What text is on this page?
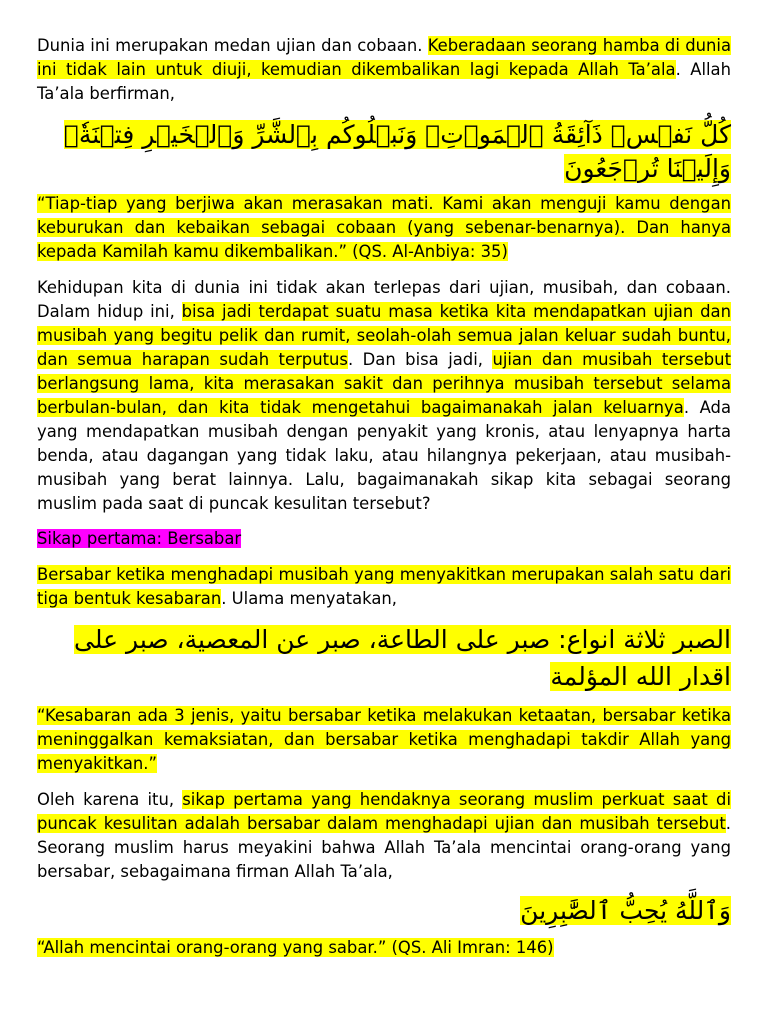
Dunia ini merupakan medan ujian dan cobaan. Keberadaan seorang hamba di dunia ini tidak lain untuk diuji, kemudian dikembalikan lagi kepada Allah Ta’ala. Allah Ta’ala berfirman,

كُلُّ نَفۡسٖ ذَآئِقَةُ ٱلۡمَوۡتِۗ وَنَبۡلُوكُم بِٱلشَّرِّ وَٱلۡخَيۡرِ فِتۡنَةٗۖ وَإِلَيۡنَا تُرۡجَعُونَ

“Tiap-tiap yang berjiwa akan merasakan mati. Kami akan menguji kamu dengan keburukan dan kebaikan sebagai cobaan (yang sebenar-benarnya). Dan hanya kepada Kamilah kamu dikembalikan.” (QS. Al-Anbiya: 35)

Kehidupan kita di dunia ini tidak akan terlepas dari ujian, musibah, dan cobaan. Dalam hidup ini, bisa jadi terdapat suatu masa ketika kita mendapatkan ujian dan musibah yang begitu pelik dan rumit, seolah-olah semua jalan keluar sudah buntu, dan semua harapan sudah terputus. Dan bisa jadi, ujian dan musibah tersebut berlangsung lama, kita merasakan sakit dan perihnya musibah tersebut selama berbulan-bulan, dan kita tidak mengetahui bagaimanakah jalan keluarnya. Ada yang mendapatkan musibah dengan penyakit yang kronis, atau lenyapnya harta benda, atau dagangan yang tidak laku, atau hilangnya pekerjaan, atau musibah-musibah yang berat lainnya. Lalu, bagaimanakah sikap kita sebagai seorang muslim pada saat di puncak kesulitan tersebut?

Sikap pertama: Bersabar

Bersabar ketika menghadapi musibah yang menyakitkan merupakan salah satu dari tiga bentuk kesabaran. Ulama menyatakan,

الصبر ثلاثة انواع: صبر على الطاعة، صبر عن المعصية، صبر على اقدار الله المؤلمة

“Kesabaran ada 3 jenis, yaitu bersabar ketika melakukan ketaatan, bersabar ketika meninggalkan kemaksiatan, dan bersabar ketika menghadapi takdir Allah yang menyakitkan.”

Oleh karena itu, sikap pertama yang hendaknya seorang muslim perkuat saat di puncak kesulitan adalah bersabar dalam menghadapi ujian dan musibah tersebut. Seorang muslim harus meyakini bahwa Allah Ta’ala mencintai orang-orang yang bersabar, sebagaimana firman Allah Ta’ala,

وَٱللَّهُ يُحِبُّ ٱلصَّٰبِرِينَ

“Allah mencintai orang-orang yang sabar.” (QS. Ali Imran: 146)
